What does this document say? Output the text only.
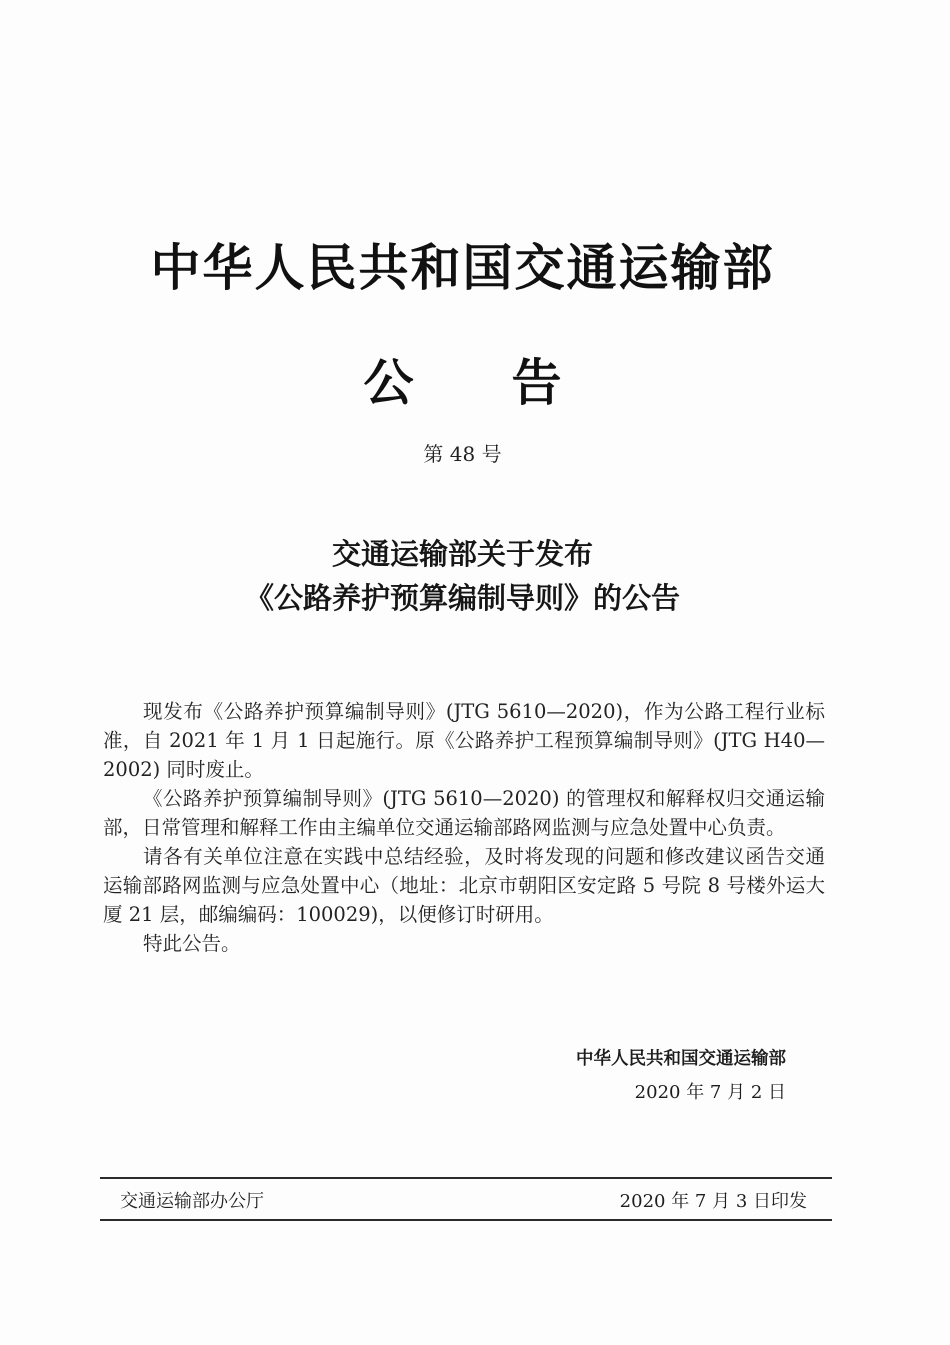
中华人民共和国交通运输部
公 告
第 48 号
交通运输部关于发布
《公路养护预算编制导则》的公告

现发布《公路养护预算编制导则》(JTG 5610—2020)，作为公路工程行业标准，自 2021 年 1 月 1 日起施行。原《公路养护工程预算编制导则》(JTG H40—2002) 同时废止。

《公路养护预算编制导则》(JTG 5610—2020) 的管理权和解释权归交通运输部，日常管理和解释工作由主编单位交通运输部路网监测与应急处置中心负责。

请各有关单位注意在实践中总结经验，及时将发现的问题和修改建议函告交通运输部路网监测与应急处置中心（地址：北京市朝阳区安定路 5 号院 8 号楼外运大厦 21 层，邮编编码：100029)，以便修订时研用。

特此公告。

中华人民共和国交通运输部
2020 年 7 月 2 日
交通运输部办公厅	2020 年 7 月 3 日印发
